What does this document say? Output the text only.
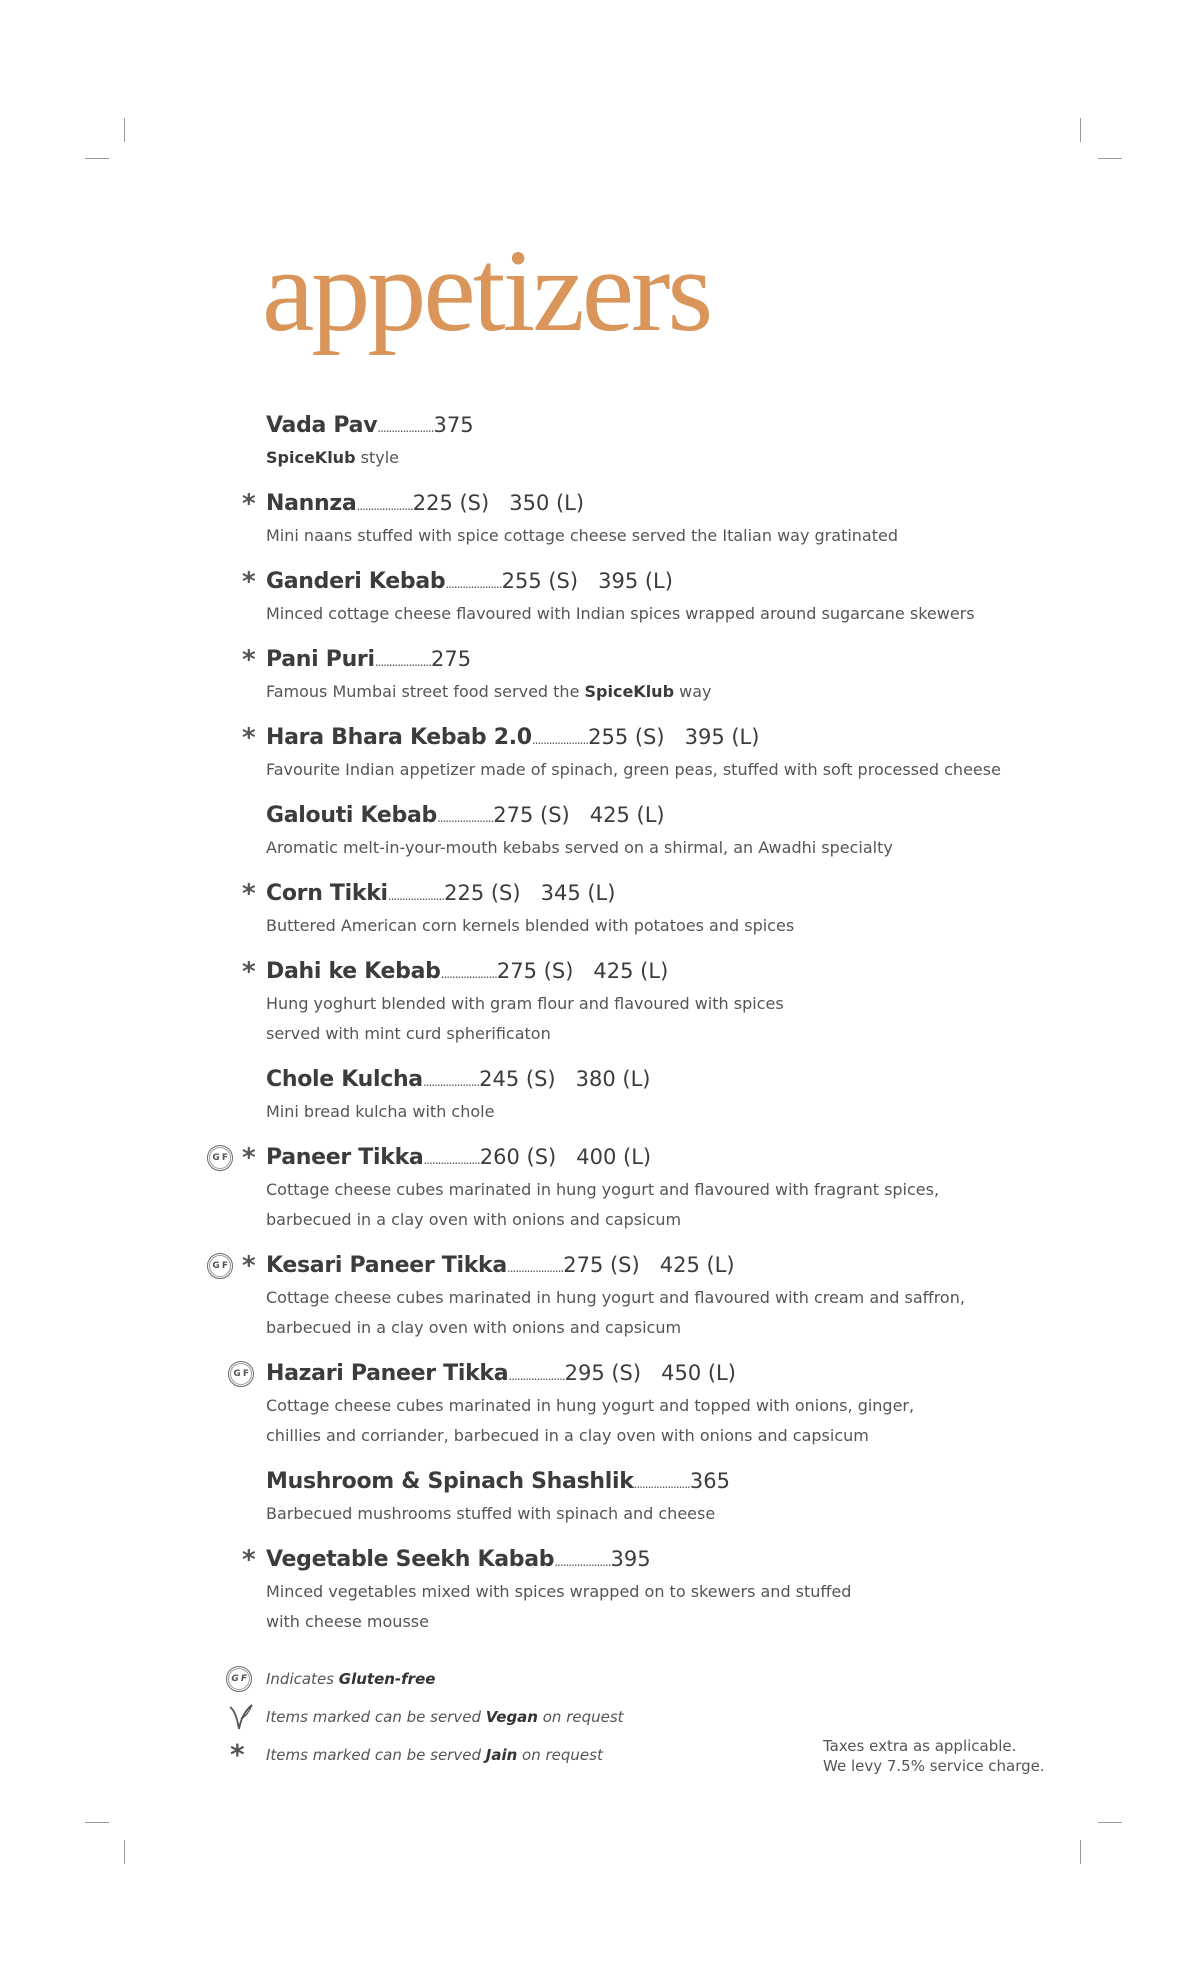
appetizers
Vada Pav....................375
SpiceKlub style
* Nannza....................225 (S)   350 (L)
Mini naans stuffed with spice cottage cheese served the Italian way gratinated
* Ganderi Kebab....................255 (S)   395 (L)
Minced cottage cheese flavoured with Indian spices wrapped around sugarcane skewers
* Pani Puri....................275
Famous Mumbai street food served the SpiceKlub way
* Hara Bhara Kebab 2.0....................255 (S)   395 (L)
Favourite Indian appetizer made of spinach, green peas, stuffed with soft processed cheese
Galouti Kebab....................275 (S)   425 (L)
Aromatic melt-in-your-mouth kebabs served on a shirmal, an Awadhi specialty
* Corn Tikki....................225 (S)   345 (L)
Buttered American corn kernels blended with potatoes and spices
* Dahi ke Kebab....................275 (S)   425 (L)
Hung yoghurt blended with gram flour and flavoured with spices
served with mint curd spherificaton
Chole Kulcha....................245 (S)   380 (L)
Mini bread kulcha with chole
G F * Paneer Tikka....................260 (S)   400 (L)
Cottage cheese cubes marinated in hung yogurt and flavoured with fragrant spices,
barbecued in a clay oven with onions and capsicum
G F * Kesari Paneer Tikka....................275 (S)   425 (L)
Cottage cheese cubes marinated in hung yogurt and flavoured with cream and saffron,
barbecued in a clay oven with onions and capsicum
G F Hazari Paneer Tikka....................295 (S)   450 (L)
Cottage cheese cubes marinated in hung yogurt and topped with onions, ginger,
chillies and corriander, barbecued in a clay oven with onions and capsicum
Mushroom & Spinach Shashlik....................365
Barbecued mushrooms stuffed with spinach and cheese
* Vegetable Seekh Kabab....................395
Minced vegetables mixed with spices wrapped on to skewers and stuffed
with cheese mousse
G F	Indicates Gluten-free
Items marked can be served Vegan on request
* Items marked can be served Jain on request	Taxes extra as applicable.
We levy 7.5% service charge.
